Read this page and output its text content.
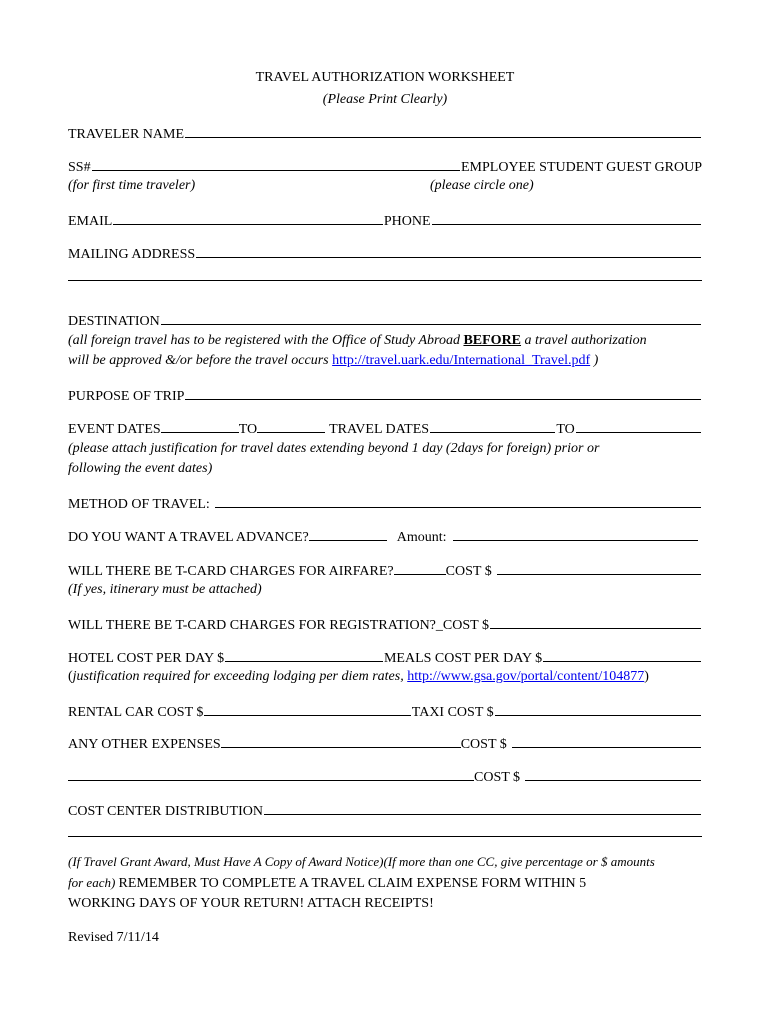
TRAVEL AUTHORIZATION WORKSHEET
(Please Print Clearly)
TRAVELER NAME
SS#	EMPLOYEE STUDENT GUEST GROUP
(for first time traveler)	(please circle one)
EMAIL	PHONE
MAILING ADDRESS
DESTINATION
(all foreign travel has to be registered with the Office of Study Abroad BEFORE a travel authorization
will be approved &/or before the travel occurs http://travel.uark.edu/International_Travel.pdf )
PURPOSE OF TRIP
EVENT DATES	TO	TRAVEL DATES	TO
(please attach justification for travel dates extending beyond 1 day (2days for foreign) prior or
following the event dates)
METHOD OF TRAVEL:
DO YOU WANT A TRAVEL ADVANCE?	Amount:
WILL THERE BE T-CARD CHARGES FOR AIRFARE?	COST $
(If yes, itinerary must be attached)
WILL THERE BE T-CARD CHARGES FOR REGISTRATION? _COST $
HOTEL COST PER DAY $	MEALS COST PER DAY $
(justification required for exceeding lodging per diem rates, http://www.gsa.gov/portal/content/104877)
RENTAL CAR COST $	TAXI COST $
ANY OTHER EXPENSES	COST $
COST $
COST CENTER DISTRIBUTION
(If Travel Grant Award, Must Have A Copy of Award Notice)(If more than one CC, give percentage or $ amounts
for each) REMEMBER TO COMPLETE A TRAVEL CLAIM EXPENSE FORM WITHIN 5
WORKING DAYS OF YOUR RETURN! ATTACH RECEIPTS!
Revised 7/11/14
